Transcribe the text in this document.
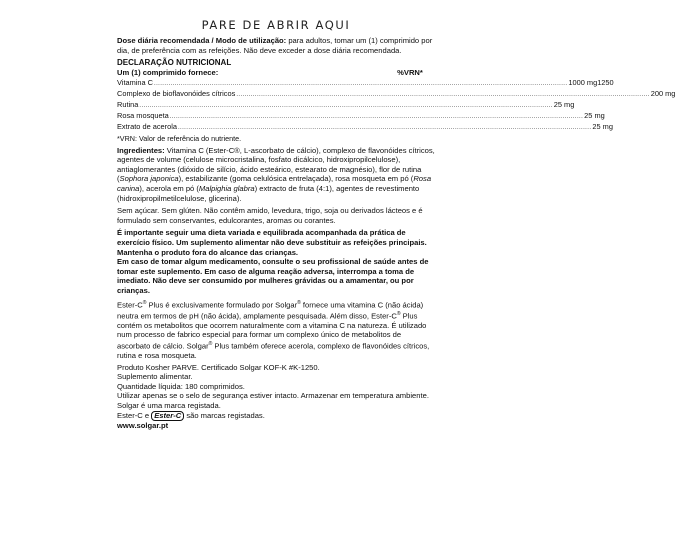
PARE DE ABRIR AQUI

Dose diária recomendada / Modo de utilização: para adultos, tomar um (1) comprimido por dia, de preferência com as refeições. Não deve exceder a dose diária recomendada.

DECLARAÇÃO NUTRICIONAL
Um (1) comprimido fornece:	%VRN*
Vitamina C ........................................................................................................................................................................................................ 1000 mg 1250
Complexo de bioflavonóides cítricos ........................................................................................................................................................................................................ 200 mg
Rutina ........................................................................................................................................................................................................ 25 mg
Rosa mosqueta ........................................................................................................................................................................................................ 25 mg
Extrato de acerola ........................................................................................................................................................................................................ 25 mg

*VRN: Valor de referência do nutriente.

Ingredientes: Vitamina C (Ester-C®, L-ascorbato de cálcio), complexo de flavonóides cítricos, agentes de volume (celulose microcristalina, fosfato dicálcico, hidroxipropilcelulose), antiaglomerantes (dióxido de silício, ácido esteárico, estearato de magnésio), flor de rutina (Sophora japonica), estabilizante (goma celulósica entrelaçada), rosa mosqueta em pó (Rosa canina), acerola em pó (Malpighia glabra) extracto de fruta (4:1), agentes de revestimento (hidroxipropilmetilcelulose, glicerina).

Sem açúcar. Sem glúten. Não contêm amido, levedura, trigo, soja ou derivados lácteos e é formulado sem conservantes, edulcorantes, aromas ou corantes.

É importante seguir uma dieta variada e equilibrada acompanhada da prática de exercício físico. Um suplemento alimentar não deve substituir as refeições principais. Mantenha o produto fora do alcance das crianças.

Em caso de tomar algum medicamento, consulte o seu profissional de saúde antes de tomar este suplemento. Em caso de alguma reação adversa, interrompa a toma de imediato. Não deve ser consumido por mulheres grávidas ou a amamentar, ou por crianças.

Ester-C® Plus é exclusivamente formulado por Solgar® fornece uma vitamina C (não ácida) neutra em termos de pH (não ácida), amplamente pesquisada. Além disso, Ester-C® Plus contém os metabolitos que ocorrem naturalmente com a vitamina C na natureza. É utilizado num processo de fabrico especial para formar um complexo único de metabolitos de ascorbato de cálcio. Solgar® Plus também oferece acerola, complexo de flavonóides cítricos, rutina e rosa mosqueta.

Produto Kosher PARVE. Certificado Solgar KOF-K #K-1250.

Suplemento alimentar.

Quantidade líquida: 180 comprimidos.

Utilizar apenas se o selo de segurança estiver intacto. Armazenar em temperatura ambiente.

Solgar é uma marca registada.

Ester-C e Ester-C são marcas registadas.

www.solgar.pt
